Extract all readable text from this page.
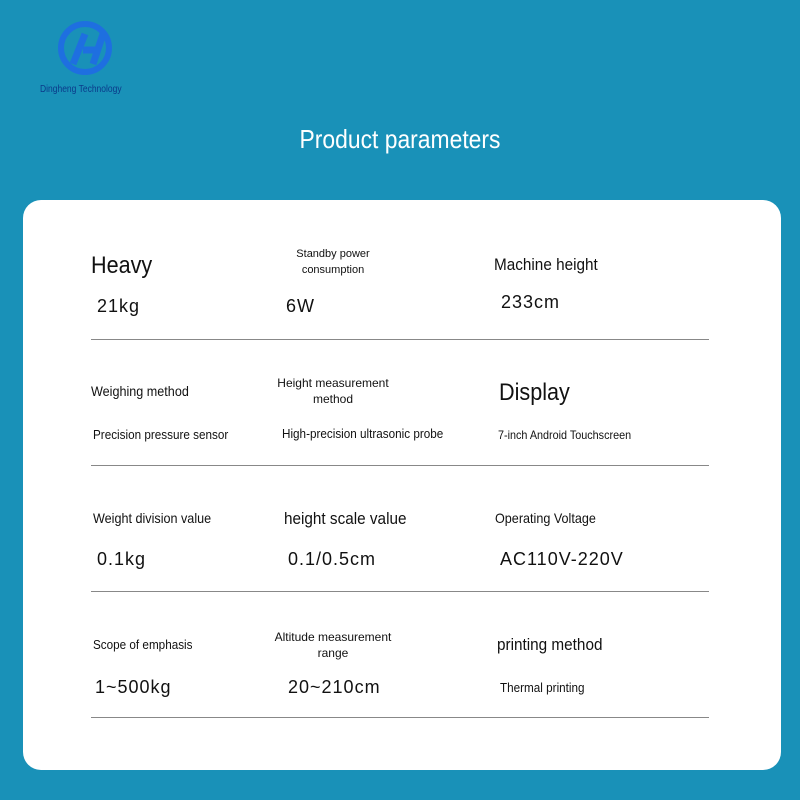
Dingheng Technology
Product parameters
Heavy
21kg
Standby power consumption
6W
Machine height
233cm
Weighing method
Precision pressure sensor
Height measurement method
High-precision ultrasonic probe
Display
7-inch Android Touchscreen
Weight division value
0.1kg
height scale value
0.1/0.5cm
Operating Voltage
AC110V-220V
Scope of emphasis
1~500kg
Altitude measurement range
20~210cm
printing method
Thermal printing
